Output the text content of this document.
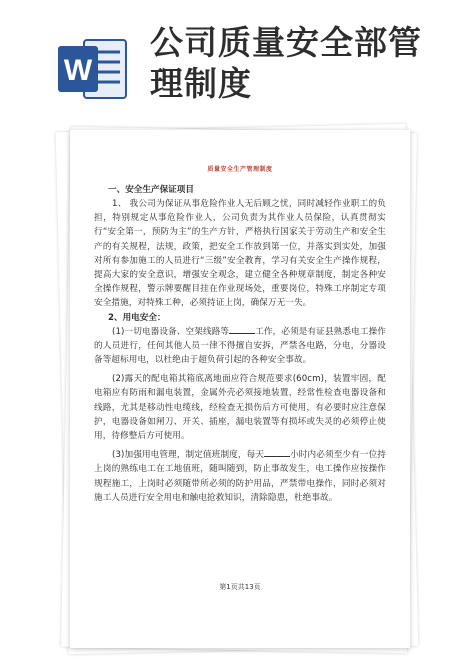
W
公司质量安全部管
理制度
质量安全生产管理制度
一、安全生产保证项目
1、 我公司为保证从事危险作业人无后顾之忧，同时减轻作业职工的负担，特别规定从事危险作业人，公司负责为其作业人员保险，认真贯彻实行“安全第一，预防为主”的生产方针，严格执行国家关于劳动生产和安全生产的有关规程，法规，政策，把安全工作放到第一位，并落实到实处，加强对所有参加施工的人员进行“三级”安全教育，学习有关安全生产操作规程，提高大家的安全意识，增强安全观念，建立健全各种规章制度，制定各种安全操作规程，警示牌要醒目挂在作业现场处，重要岗位，特殊工序制定专项安全措施，对特殊工种，必须持证上岗，确保万无一失。
2、用电安全：
(1)一切电器设备、空架线路等	工作，必须是有证县熟悉电工操作的人员进行，任何其他人员一律不得擅自安拆，严禁各电路，分电，分器设备等超标用电，以杜绝由于超负荷引起的各种安全事故。
(2)露天的配电箱其箱底离地面应符合规范要求(60cm)，装置牢固，配电箱应有防雨和漏电装置，金属外壳必须接地装置，经常性检查电器设备和线路，尤其是移动性电缆线，经检查无损伤后方可使用，有必要时应注意保护，电器设备如闸刀、开关、插座，漏电装置等有损坏或失灵的必须停止使用，待修整后方可使用。
(3)加强用电管理，制定值班制度，每天	小时内必须至少有一位持上岗的熟练电工在工地值班，随叫随到，防止事故发生，电工操作应按操作规程施工，上岗时必须随带所必须的防护用品，严禁带电操作，同时必须对施工人员进行安全用电和触电抢救知识，清除隐患，杜绝事故。
第1页共13页
